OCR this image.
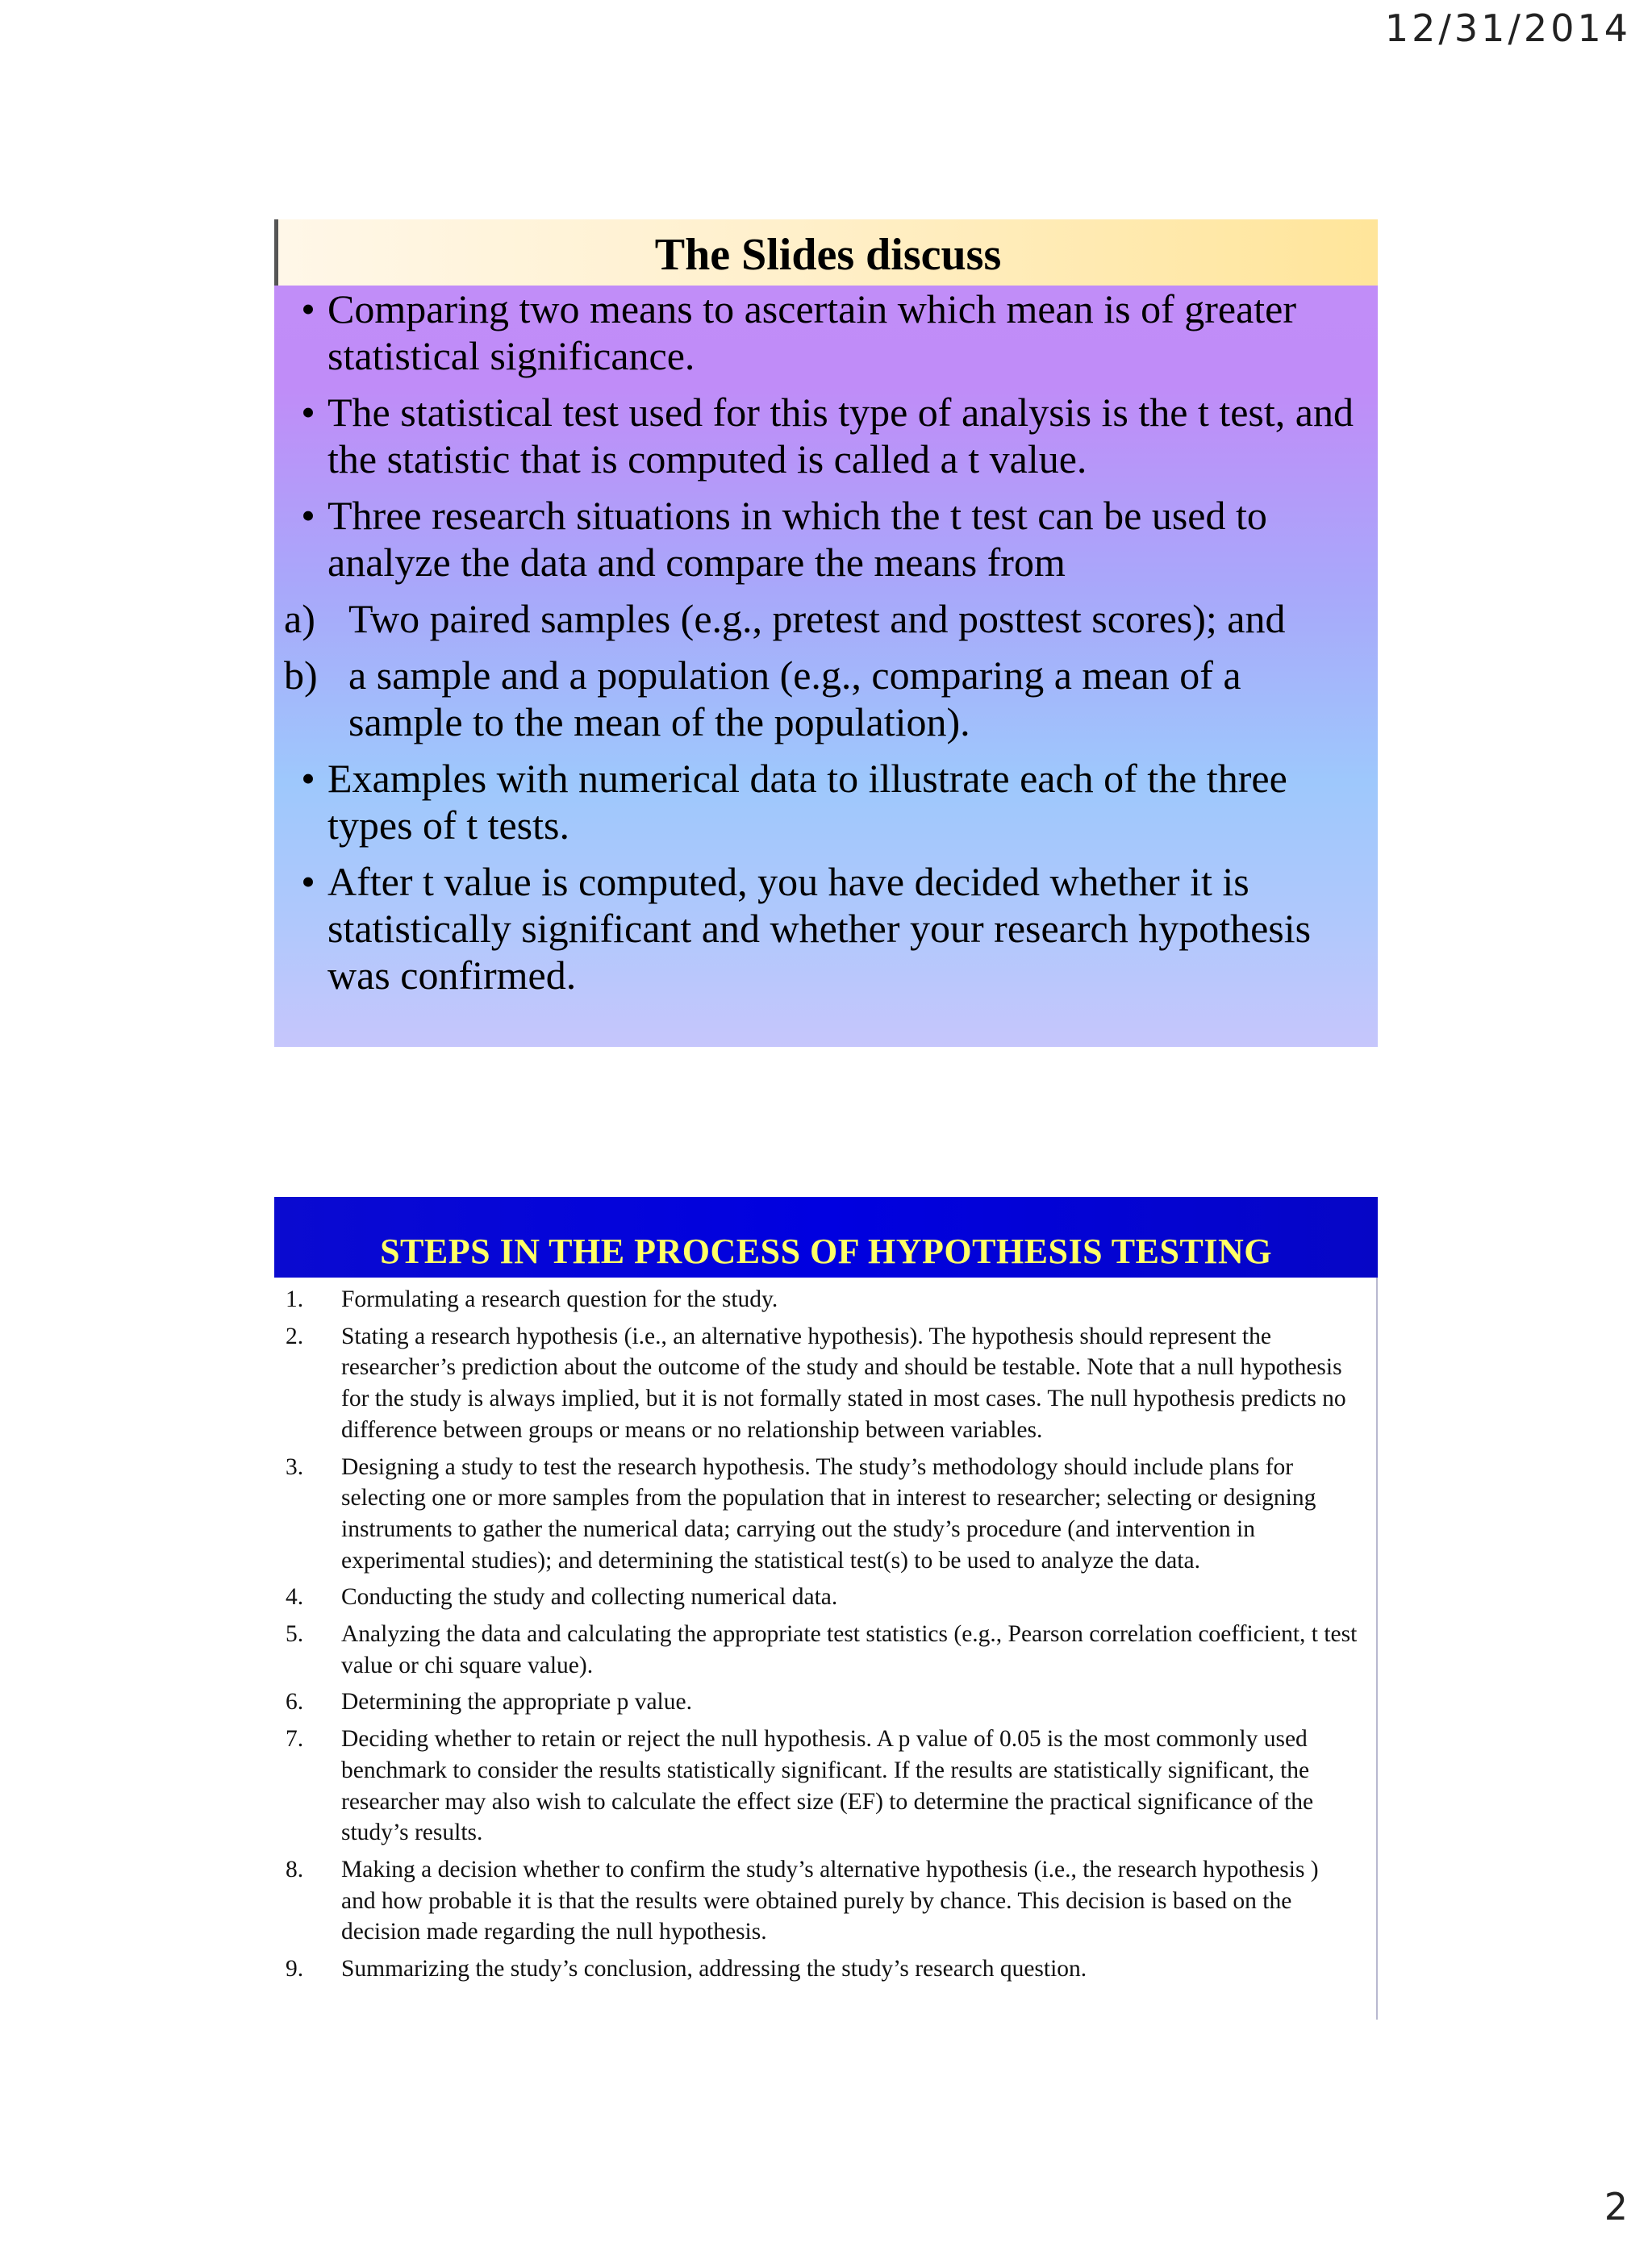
12/31/2014
The Slides discuss
• Comparing two means to ascertain which mean is of greater statistical significance.
• The statistical test used for this type of analysis is the t test, and the statistic that is computed is called a t value.
• Three research situations in which the t test can be used to analyze the data and compare the means from
a) Two paired samples (e.g., pretest and posttest scores); and
b) a sample and a population (e.g., comparing a mean of a sample to the mean of the population).
• Examples with numerical data to illustrate each of the three types of t tests.
• After t value is computed, you have decided whether it is statistically significant and whether your research hypothesis was confirmed.
STEPS IN THE PROCESS OF HYPOTHESIS TESTING
1.	Formulating a research question for the study.
2.	Stating a research hypothesis (i.e., an alternative hypothesis). The hypothesis should represent the researcher’s prediction about the outcome of the study and should be testable. Note that a null hypothesis for the study is always implied, but it is not formally stated in most cases. The null hypothesis predicts no difference between groups or means or no relationship between variables.
3.	Designing a study to test the research hypothesis. The study’s methodology should include plans for selecting one or more samples from the population that in interest to researcher; selecting or designing instruments to gather the numerical data; carrying out the study’s procedure (and intervention in experimental studies); and determining the statistical test(s) to be used to analyze the data.
4.	Conducting the study and collecting numerical data.
5.	Analyzing the data and calculating the appropriate test statistics (e.g., Pearson correlation coefficient, t test value or chi square value).
6.	Determining the appropriate p value.
7.	Deciding whether to retain or reject the null hypothesis. A p value of 0.05 is the most commonly used benchmark to consider the results statistically significant. If the results are statistically significant, the researcher may also wish to calculate the effect size (EF) to determine the practical significance of the study’s results.
8.	Making a decision whether to confirm the study’s alternative hypothesis (i.e., the research hypothesis ) and how probable it is that the results were obtained purely by chance. This decision is based on the decision made regarding the null hypothesis.
9.	Summarizing the study’s conclusion, addressing the study’s research question.
2
